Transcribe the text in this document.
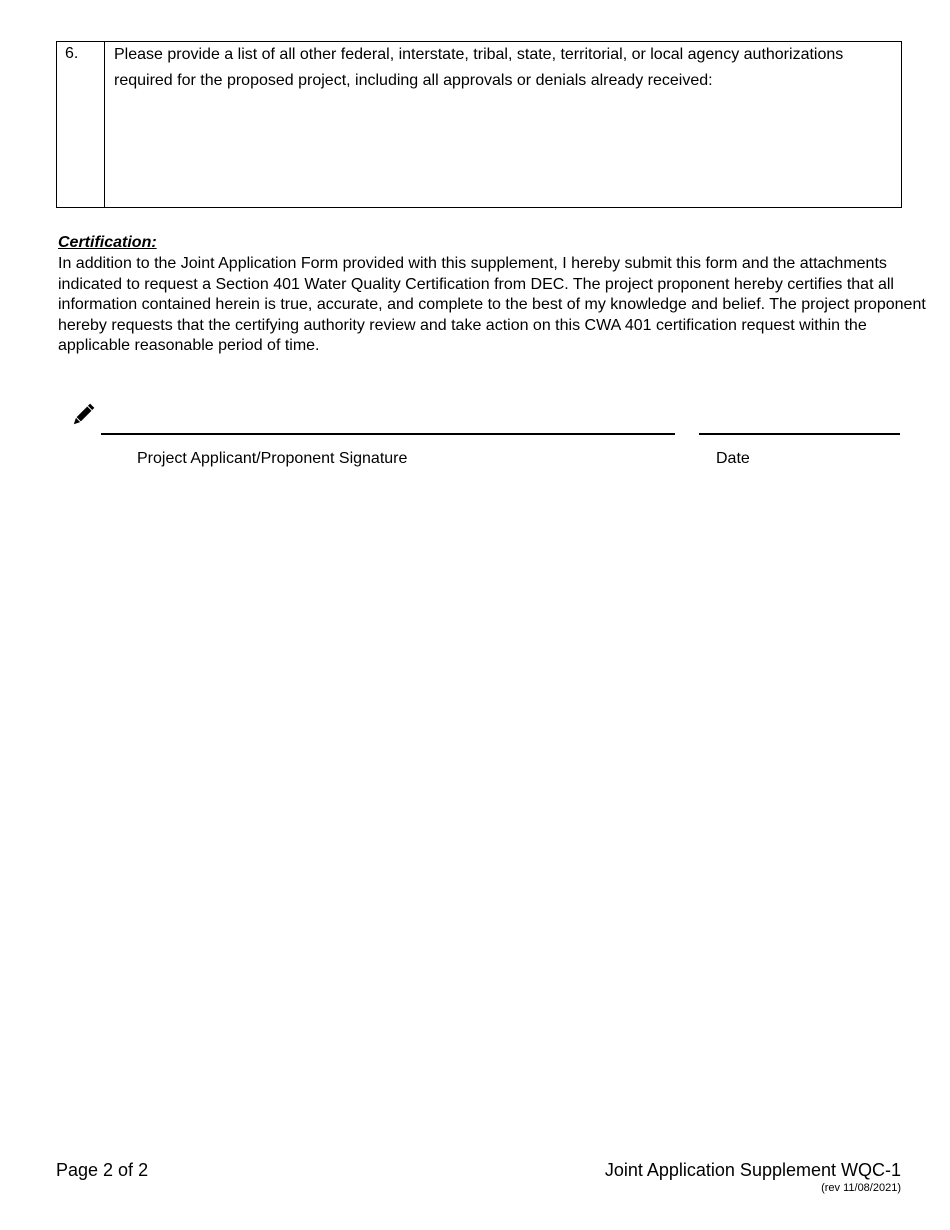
6.	Please provide a list of all other federal, interstate, tribal, state, territorial, or local agency authorizations required for the proposed project, including all approvals or denials already received:
Certification:
In addition to the Joint Application Form provided with this supplement, I hereby submit this form and the attachments indicated to request a Section 401 Water Quality Certification from DEC. The project proponent hereby certifies that all information contained herein is true, accurate, and complete to the best of my knowledge and belief. The project proponent hereby requests that the certifying authority review and take action on this CWA 401 certification request within the applicable reasonable period of time.
Project Applicant/Proponent Signature	Date
Page 2 of 2	Joint Application Supplement WQC-1
(rev 11/08/2021)
